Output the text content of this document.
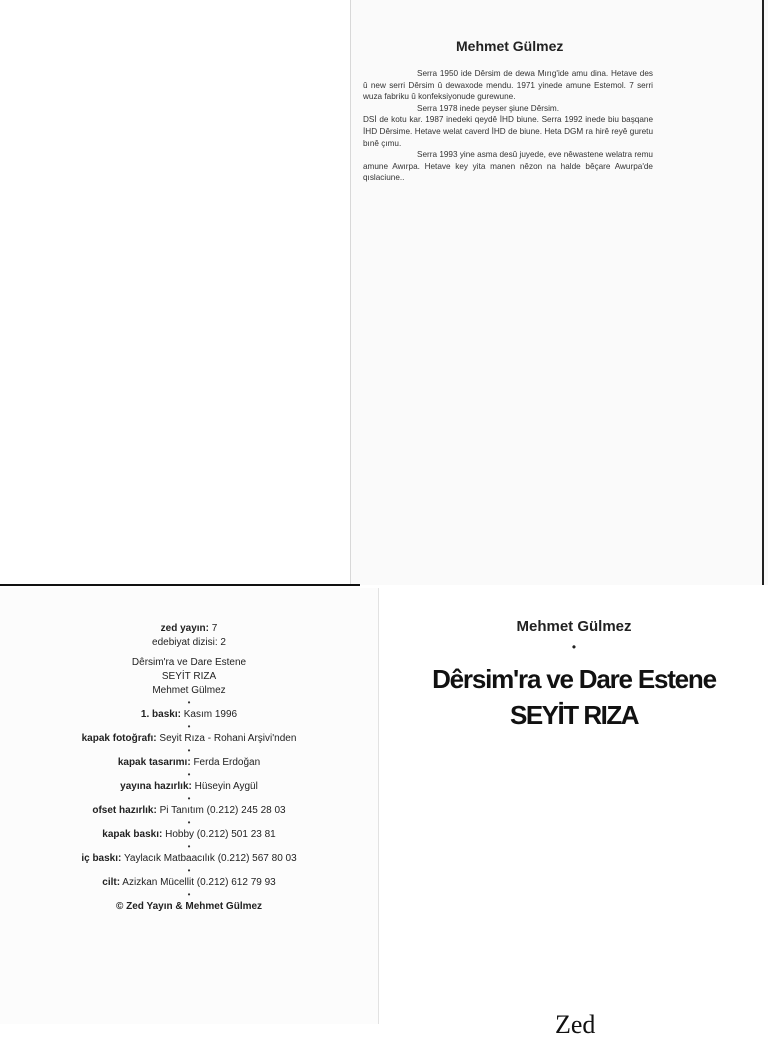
Mehmet Gülmez

Serra 1950 ide Dêrsim de dewa Mırıg'ide amu dina. Hetave des û new serri Dêrsim û dewaxode mendu. 1971 yinede amune Estemol. 7 serri wuza fabriku û konfeksiyonude gurewune.

Serra 1978 inede peyser şiune Dêrsim.

DSİ de kotu kar. 1987 inedeki qeydê İHD biune. Serra 1992 inede biu başqane İHD Dêrsime. Hetave welat caverd İHD de biune. Heta DGM ra hirê reyê guretu bınê çımu.

Serra 1993 yine asma desû juyede, eve nêwastene welatra remu amune Awırpa. Hetave key yita manen nêzon na halde bêçare Awurpa'de qıslaciune..

zed yayın: 7
edebiyat dizisi: 2
Dêrsim'ra ve Dare Estene
SEYİT RIZA
Mehmet Gülmez
•
1. baskı: Kasım 1996
•
kapak fotoğrafı: Seyit Rıza - Rohani Arşivi'nden
•
kapak tasarımı: Ferda Erdoğan
•
yayına hazırlık: Hüseyin Aygül
•
ofset hazırlık: Pi Tanıtım (0.212) 245 28 03
•
kapak baskı: Hobby (0.212) 501 23 81
•
iç baskı: Yaylacık Matbaacılık (0.212) 567 80 03
•
cilt: Azizkan Mücellit (0.212) 612 79 93
•
© Zed Yayın & Mehmet Gülmez
Mehmet Gülmez
•
Dêrsim'ra ve Dare Estene
SEYİT RIZA
Zed
